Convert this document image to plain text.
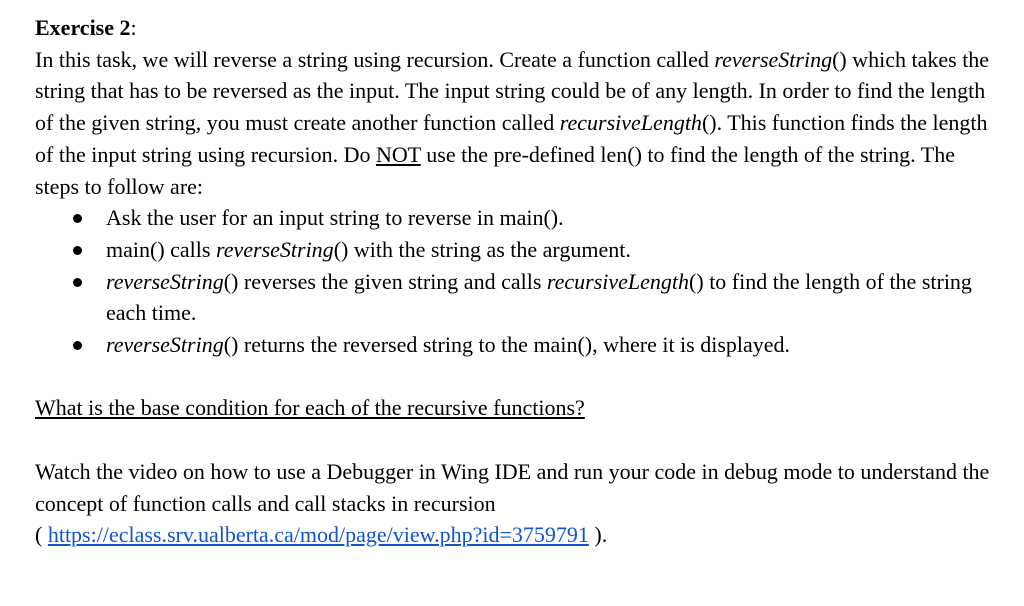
Exercise 2:

In this task, we will reverse a string using recursion. Create a function called reverseString() which takes the string that has to be reversed as the input. The input string could be of any length. In order to find the length of the given string, you must create another function called recursiveLength(). This function finds the length of the input string using recursion. Do NOT use the pre-defined len() to find the length of the string. The steps to follow are:

Ask the user for an input string to reverse in main().
main() calls reverseString() with the string as the argument.
reverseString() reverses the given string and calls recursiveLength() to find the length of the string each time.
reverseString() returns the reversed string to the main(), where it is displayed.

What is the base condition for each of the recursive functions?

Watch the video on how to use a Debugger in Wing IDE and run your code in debug mode to understand the concept of function calls and call stacks in recursion
( https://eclass.srv.ualberta.ca/mod/page/view.php?id=3759791 ).
